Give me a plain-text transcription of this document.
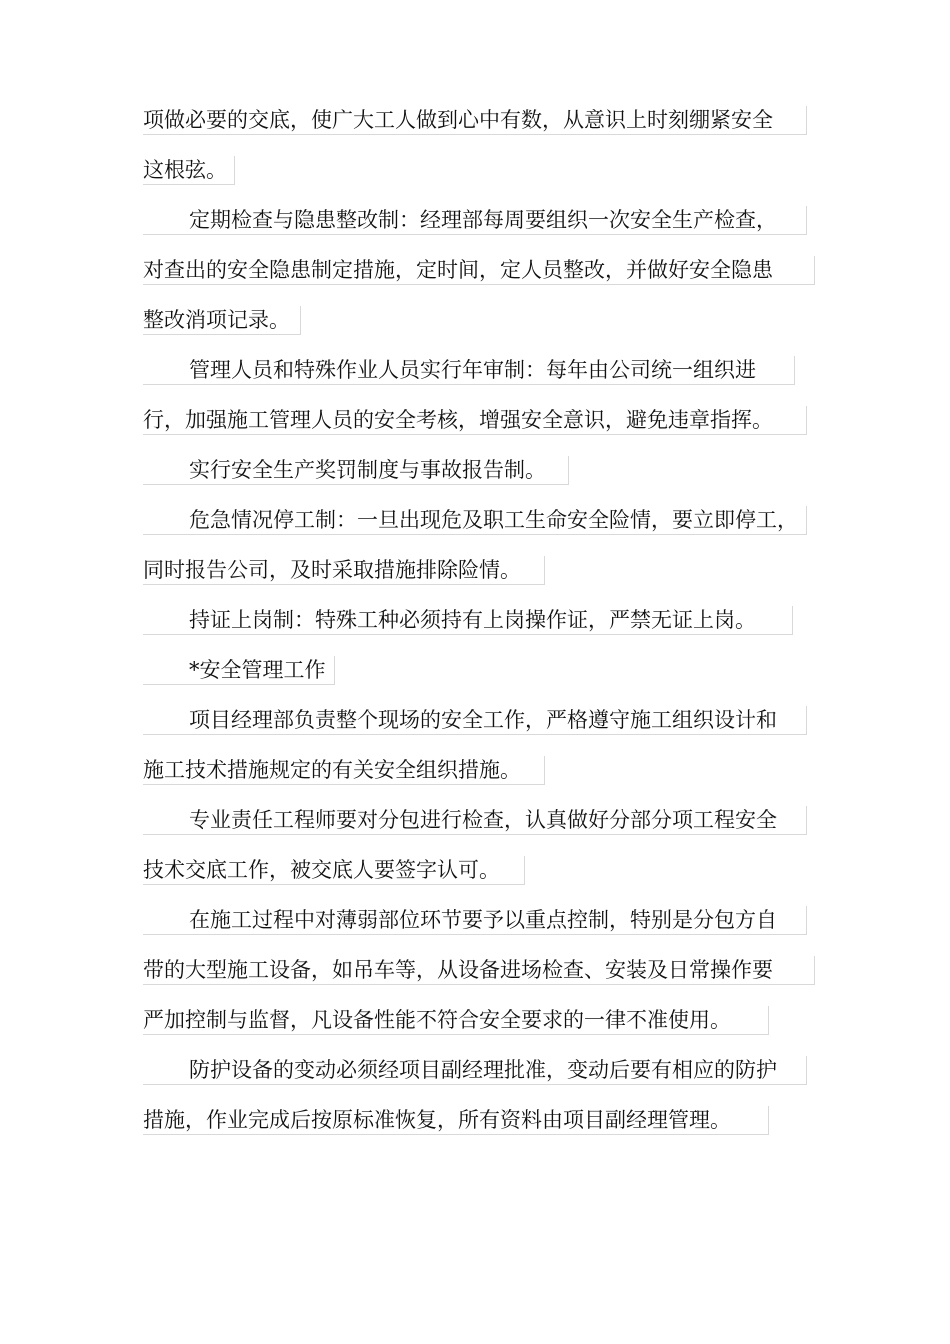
项做必要的交底，使广大工人做到心中有数，从意识上时刻绷紧安全
这根弦。
定期检查与隐患整改制：经理部每周要组织一次安全生产检查，
对查出的安全隐患制定措施，定时间，定人员整改，并做好安全隐患
整改消项记录。
管理人员和特殊作业人员实行年审制：每年由公司统一组织进
行，加强施工管理人员的安全考核，增强安全意识，避免违章指挥。
实行安全生产奖罚制度与事故报告制。
危急情况停工制：一旦出现危及职工生命安全险情，要立即停工，
同时报告公司，及时采取措施排除险情。
持证上岗制：特殊工种必须持有上岗操作证，严禁无证上岗。
*安全管理工作
项目经理部负责整个现场的安全工作，严格遵守施工组织设计和
施工技术措施规定的有关安全组织措施。
专业责任工程师要对分包进行检查，认真做好分部分项工程安全
技术交底工作，被交底人要签字认可。
在施工过程中对薄弱部位环节要予以重点控制，特别是分包方自
带的大型施工设备，如吊车等，从设备进场检查、安装及日常操作要
严加控制与监督，凡设备性能不符合安全要求的一律不准使用。
防护设备的变动必须经项目副经理批准，变动后要有相应的防护
措施，作业完成后按原标准恢复，所有资料由项目副经理管理。
